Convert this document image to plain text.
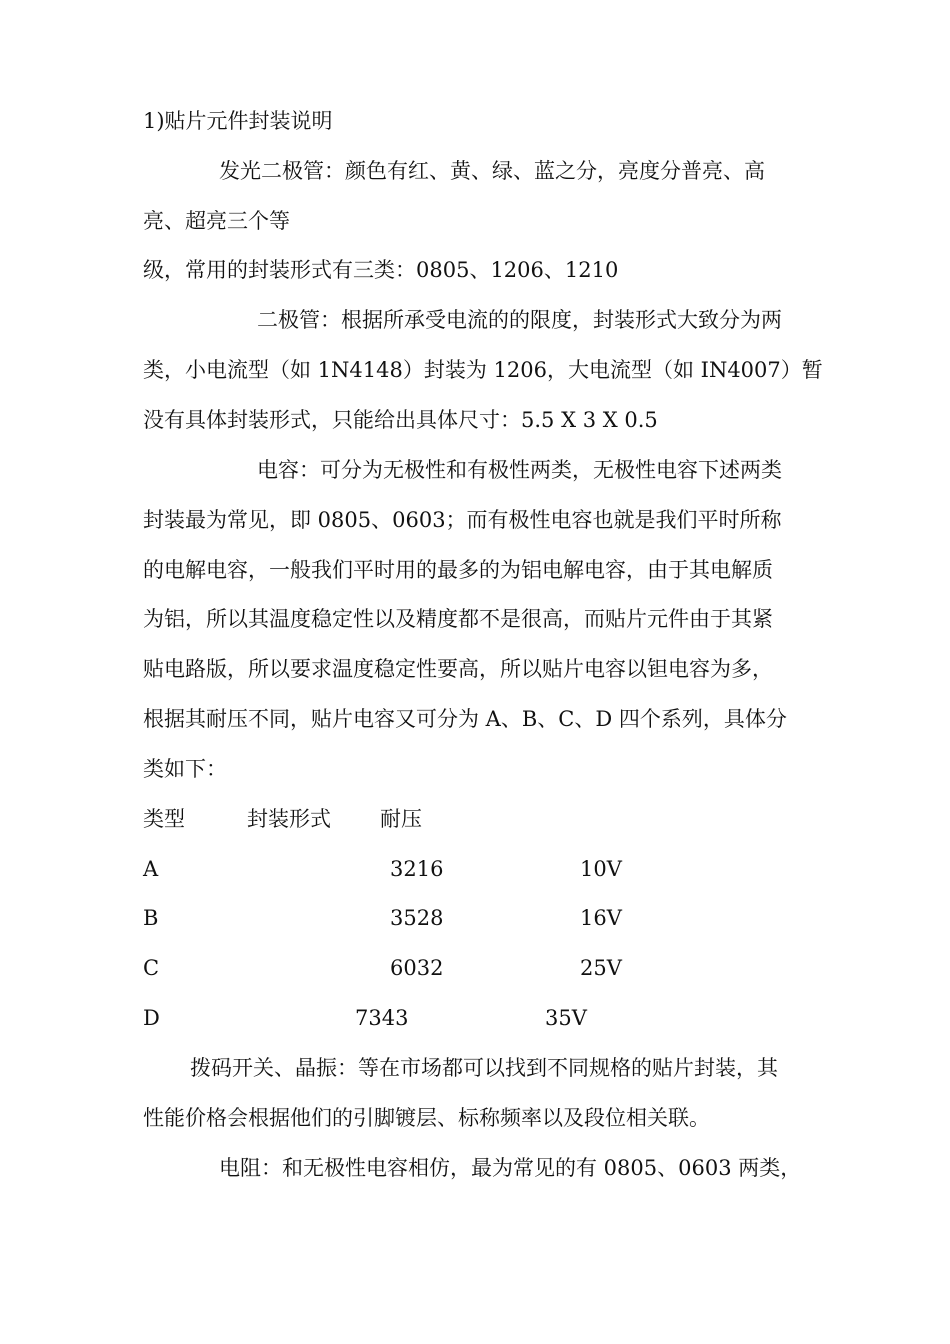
1)贴片元件封装说明
发光二极管：颜色有红、黄、绿、蓝之分，亮度分普亮、高
亮、超亮三个等
级，常用的封装形式有三类：0805、1206、1210
二极管：根据所承受电流的的限度，封装形式大致分为两
类，小电流型（如 1N4148）封装为 1206，大电流型（如 IN4007）暂
没有具体封装形式，只能给出具体尺寸：5.5 X 3 X 0.5
电容：可分为无极性和有极性两类，无极性电容下述两类
封装最为常见，即 0805、0603；而有极性电容也就是我们平时所称
的电解电容，一般我们平时用的最多的为铝电解电容，由于其电解质
为铝，所以其温度稳定性以及精度都不是很高，而贴片元件由于其紧
贴电路版，所以要求温度稳定性要高，所以贴片电容以钽电容为多，
根据其耐压不同，贴片电容又可分为 A、B、C、D 四个系列，具体分
类如下：
类型	封装形式 耐压
A	3216	10V
B	3528	16V
C	6032	25V
D	7343	35V
拨码开关、晶振：等在市场都可以找到不同规格的贴片封装，其
性能价格会根据他们的引脚镀层、标称频率以及段位相关联。
电阻：和无极性电容相仿，最为常见的有 0805、0603 两类，
